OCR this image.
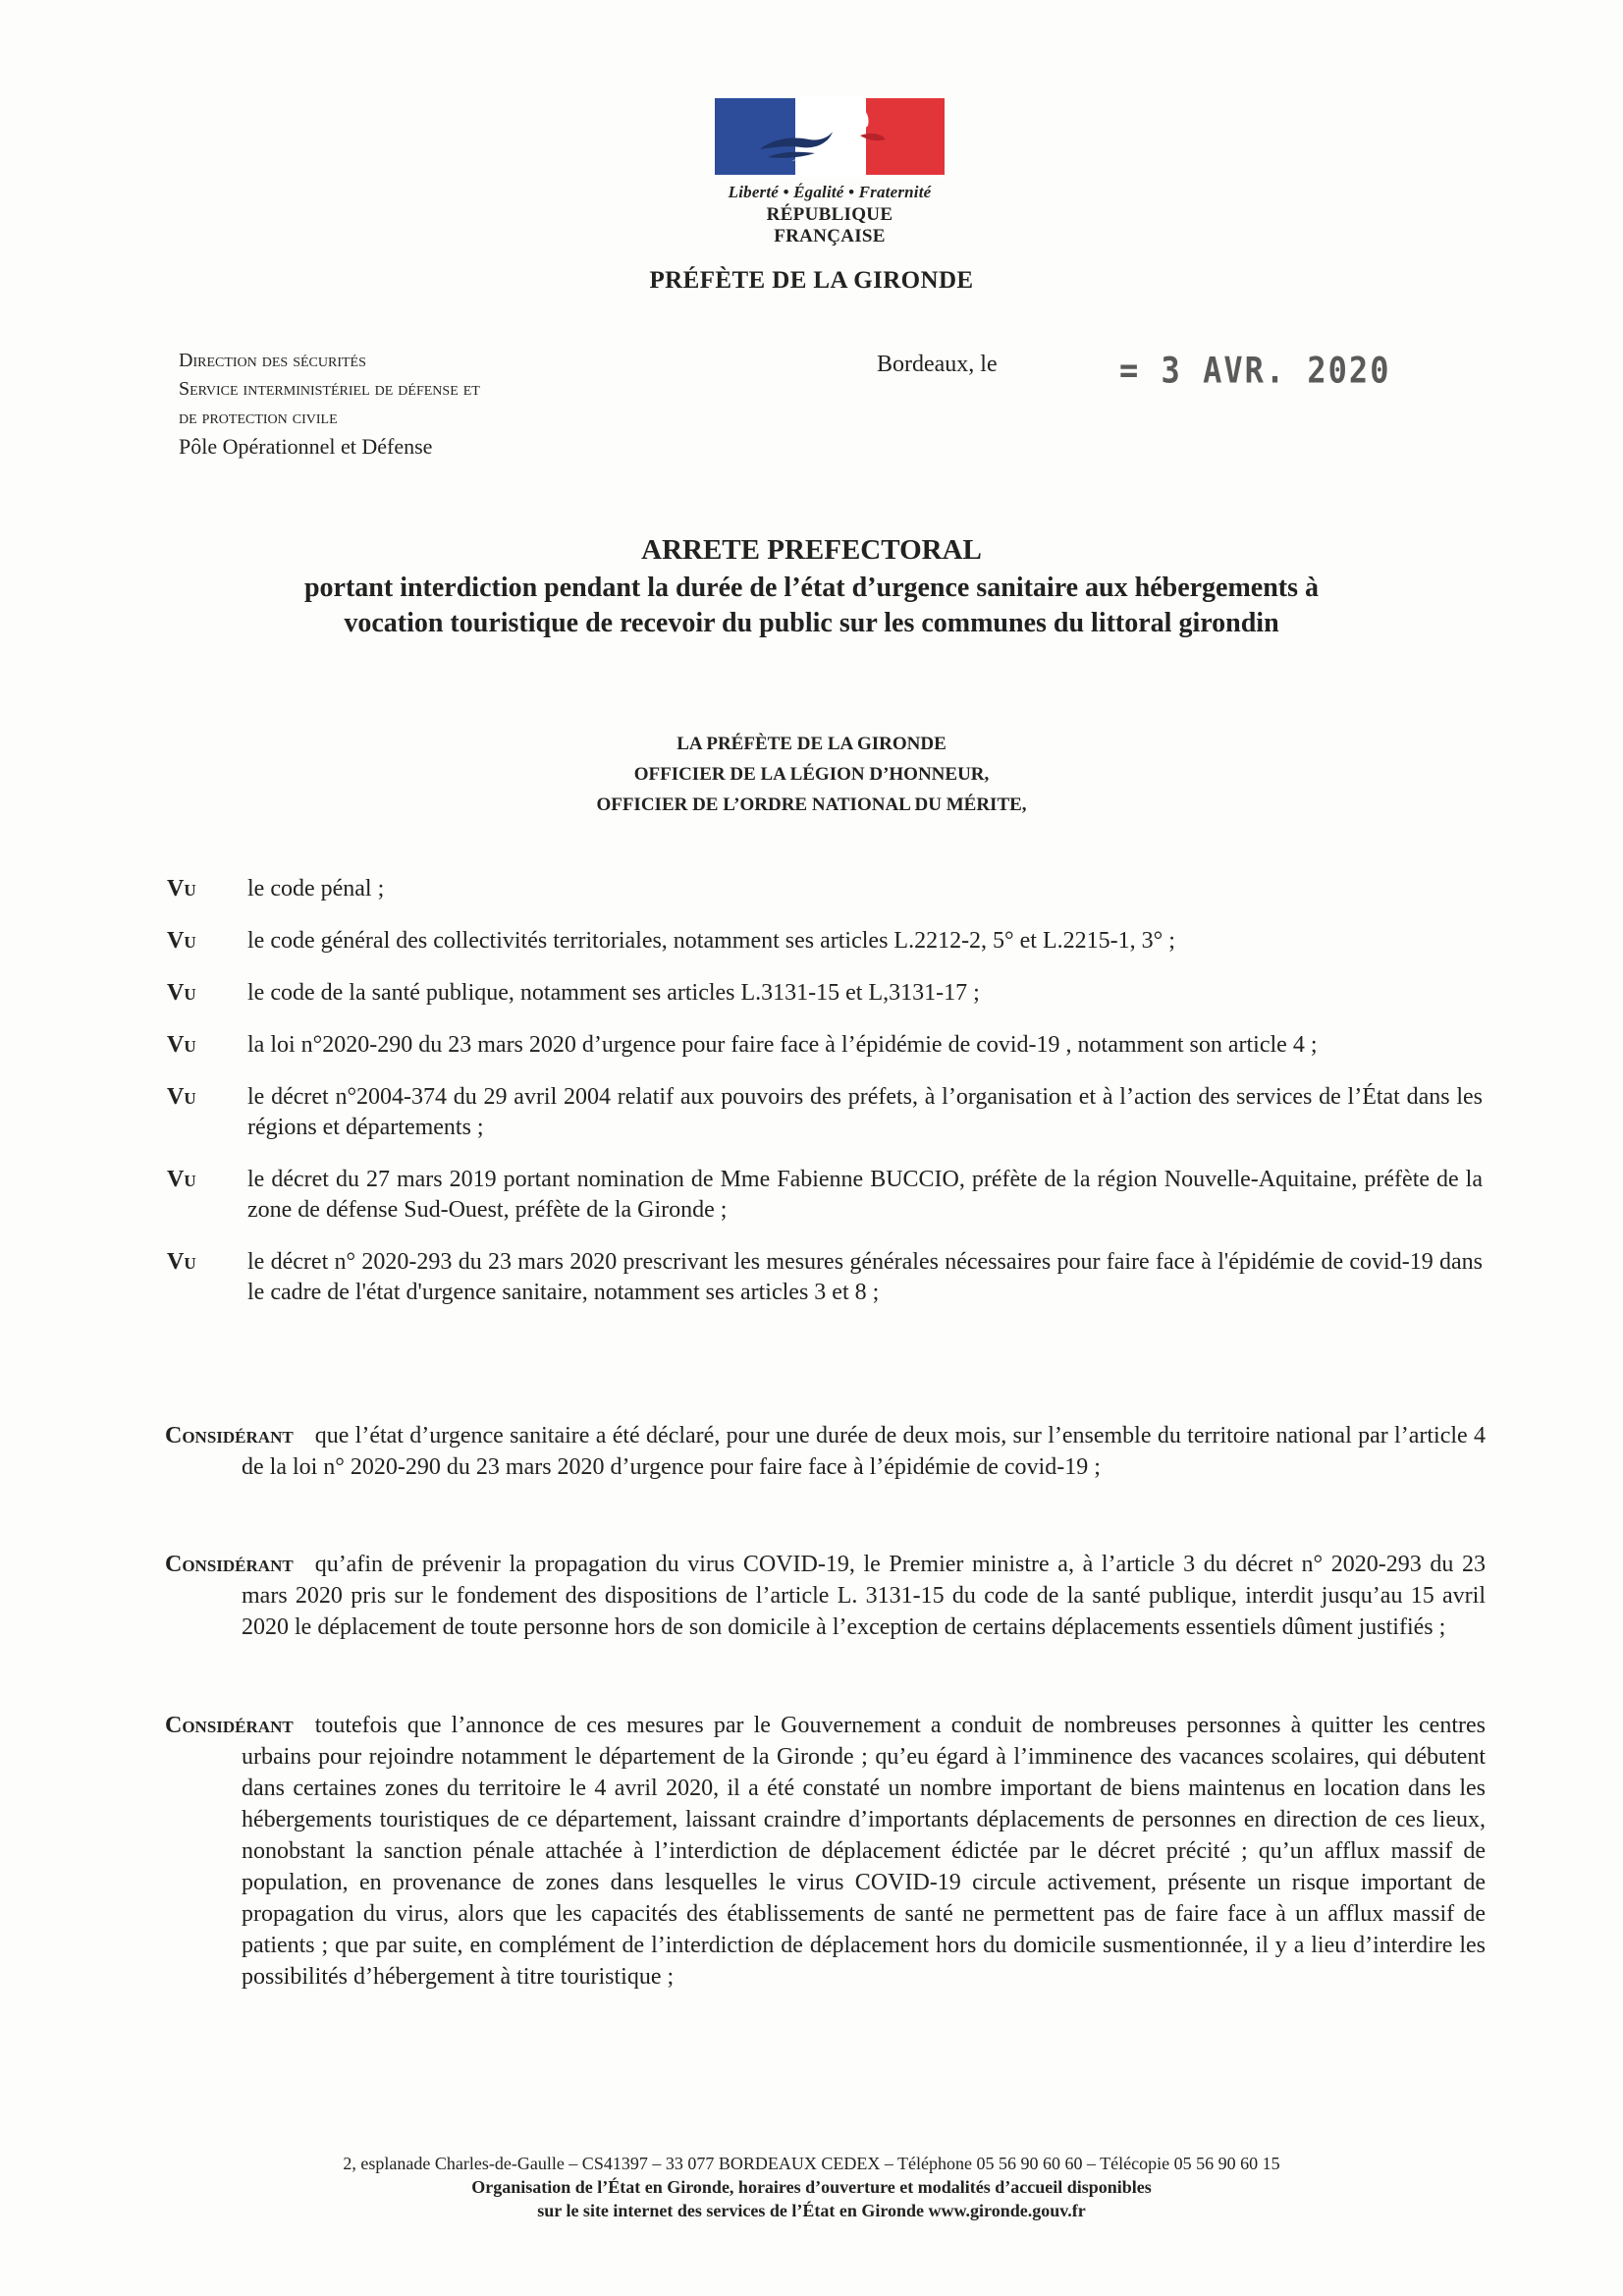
Liberté • Égalité • Fraternité
RÉPUBLIQUE FRANÇAISE
PRÉFÈTE DE LA GIRONDE
Direction des sécurités
Service interministériel de défense et
de protection civile
Pôle Opérationnel et Défense
Bordeaux, le	= 3 AVR. 2020
ARRETE PREFECTORAL
portant interdiction pendant la durée de l’état d’urgence sanitaire aux hébergements à
vocation touristique de recevoir du public sur les communes du littoral girondin
LA PRÉFÈTE DE LA GIRONDE
OFFICIER DE LA LÉGION D’HONNEUR,
OFFICIER DE L’ORDRE NATIONAL DU MÉRITE,
Vu le code pénal ;
Vu le code général des collectivités territoriales, notamment ses articles L.2212-2, 5° et L.2215-1, 3° ;
Vu le code de la santé publique, notamment ses articles L.3131-15 et L,3131-17 ;
Vu la loi n°2020-290 du 23 mars 2020 d’urgence pour faire face à l’épidémie de covid-19 , notamment son article 4 ;
Vu le décret n°2004-374 du 29 avril 2004 relatif aux pouvoirs des préfets, à l’organisation et à l’action des services de l’État dans les régions et départements ;
Vu le décret du 27 mars 2019 portant nomination de Mme Fabienne BUCCIO, préfète de la région Nouvelle-Aquitaine, préfète de la zone de défense Sud-Ouest, préfète de la Gironde ;
Vu le décret n° 2020-293 du 23 mars 2020 prescrivant les mesures générales nécessaires pour faire face à l'épidémie de covid-19 dans le cadre de l'état d'urgence sanitaire, notamment ses articles 3 et 8 ;
Considérant que l’état d’urgence sanitaire a été déclaré, pour une durée de deux mois, sur l’ensemble du territoire national par l’article 4 de la loi n° 2020-290 du 23 mars 2020 d’urgence pour faire face à l’épidémie de covid-19 ;
Considérant qu’afin de prévenir la propagation du virus COVID-19, le Premier ministre a, à l’article 3 du décret n° 2020-293 du 23 mars 2020 pris sur le fondement des dispositions de l’article L. 3131-15 du code de la santé publique, interdit jusqu’au 15 avril 2020 le déplacement de toute personne hors de son domicile à l’exception de certains déplacements essentiels dûment justifiés ;
Considérant toutefois que l’annonce de ces mesures par le Gouvernement a conduit de nombreuses personnes à quitter les centres urbains pour rejoindre notamment le département de la Gironde ; qu’eu égard à l’imminence des vacances scolaires, qui débutent dans certaines zones du territoire le 4 avril 2020, il a été constaté un nombre important de biens maintenus en location dans les hébergements touristiques de ce département, laissant craindre d’importants déplacements de personnes en direction de ces lieux, nonobstant la sanction pénale attachée à l’interdiction de déplacement édictée par le décret précité ; qu’un afflux massif de population, en provenance de zones dans lesquelles le virus COVID-19 circule activement, présente un risque important de propagation du virus, alors que les capacités des établissements de santé ne permettent pas de faire face à un afflux massif de patients ; que par suite, en complément de l’interdiction de déplacement hors du domicile susmentionnée, il y a lieu d’interdire les possibilités d’hébergement à titre touristique ;
2, esplanade Charles-de-Gaulle – CS41397 – 33 077 BORDEAUX CEDEX – Téléphone 05 56 90 60 60 – Télécopie 05 56 90 60 15
Organisation de l’État en Gironde, horaires d’ouverture et modalités d’accueil disponibles
sur le site internet des services de l’État en Gironde www.gironde.gouv.fr
